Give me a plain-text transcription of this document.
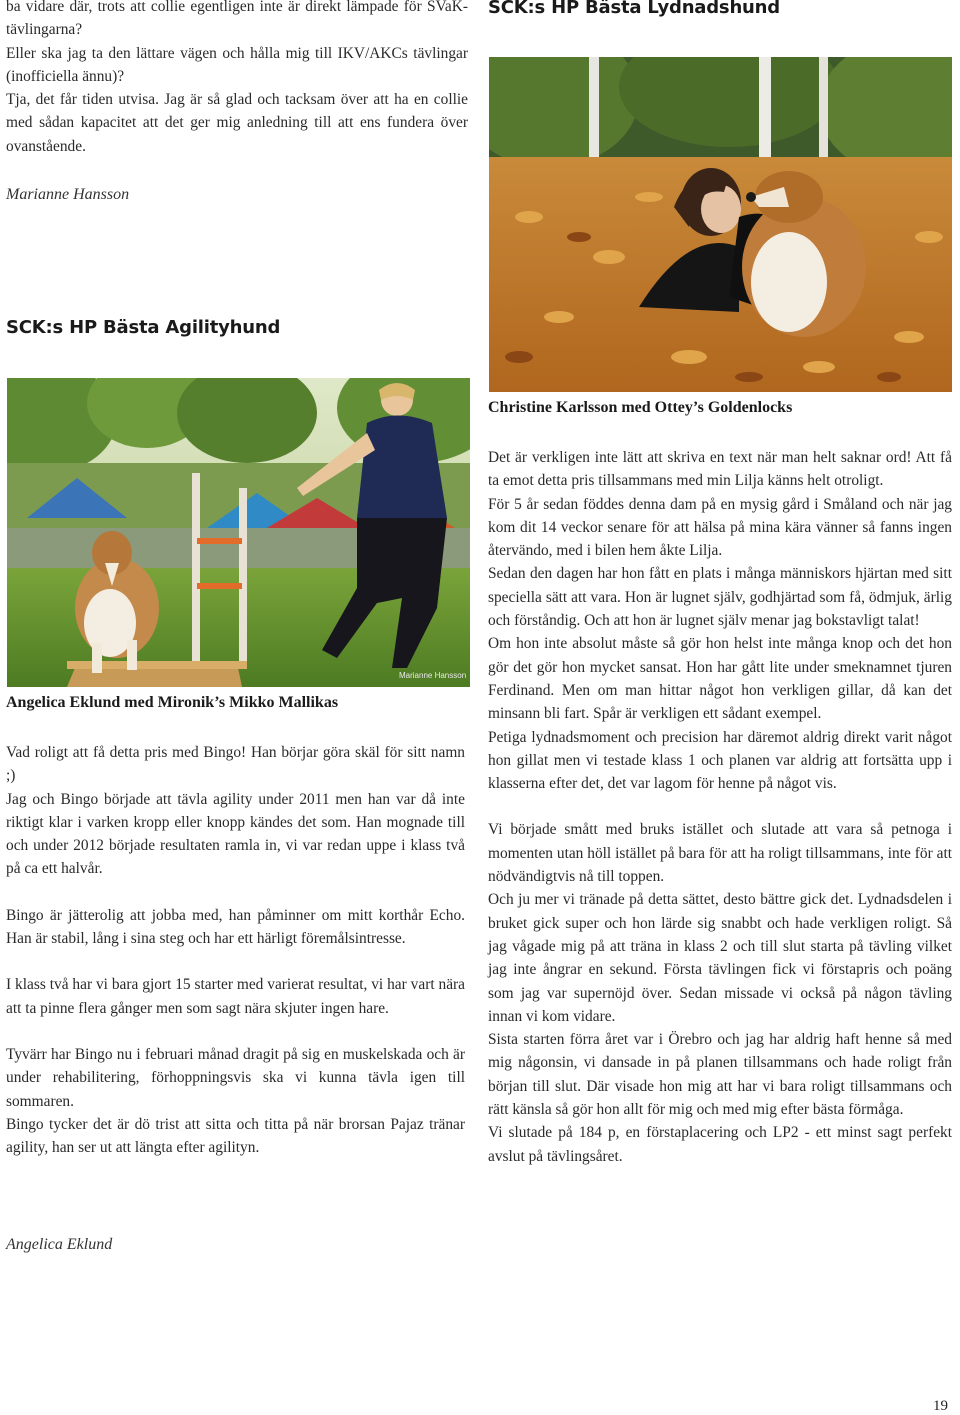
ba vidare där, trots att collie egentligen inte är direkt lämpade för SVaK-tävlingarna?

Eller ska jag ta den lättare vägen och hålla mig till IKV/AKCs tävlingar (inofficiella ännu)?

Tja, det får tiden utvisa. Jag är så glad och tacksam över att ha en collie med sådan kapacitet att det ger mig anledning till att ens fundera över ovanstående.

Marianne Hansson
SCK:s HP Bästa Agilityhund
Marianne Hansson
Angelica Eklund med Mironik’s Mikko Mallikas

Vad roligt att få detta pris med Bingo! Han börjar göra skäl för sitt namn ;)

Jag och Bingo började att tävla agility under 2011 men han var då inte riktigt klar i varken kropp eller knopp kändes det som. Han mognade till och under 2012 började resultaten ramla in, vi var redan uppe i klass två på ca ett halvår.

Bingo är jätterolig att jobba med, han påminner om mitt korthår Echo. Han är stabil, lång i sina steg och har ett härligt föremålsintresse.

I klass två har vi bara gjort 15 starter med varierat resultat, vi har vart nära att ta pinne flera gånger men som sagt nära skjuter ingen hare.

Tyvärr har Bingo nu i februari månad dragit på sig en muskelskada och är under rehabilitering, förhoppningsvis ska vi kunna tävla igen till sommaren.

Bingo tycker det är dö trist att sitta och titta på när brorsan Pajaz tränar agility, han ser ut att längta efter agilityn.

Angelica Eklund
SCK:s HP Bästa Lydnadshund
Christine Karlsson med Ottey’s Goldenlocks

Det är verkligen inte lätt att skriva en text när man helt saknar ord! Att få ta emot detta pris tillsammans med min Lilja känns helt otroligt.

För 5 år sedan föddes denna dam på en mysig gård i Småland och när jag kom dit 14 veckor senare för att hälsa på mina kära vänner så fanns ingen återvändo, med i bilen hem åkte Lilja.

Sedan den dagen har hon fått en plats i många människors hjärtan med sitt speciella sätt att vara. Hon är lugnet själv, godhjärtad som få, ödmjuk, ärlig och förståndig. Och att hon är lugnet själv menar jag bokstavligt talat!

Om hon inte absolut måste så gör hon helst inte många knop och det hon gör det gör hon mycket sansat. Hon har gått lite under smeknamnet tjuren Ferdinand. Men om man hittar något hon verkligen gillar, då kan det minsann bli fart. Spår är verkligen ett sådant exempel.

Petiga lydnadsmoment och precision har däremot aldrig direkt varit något hon gillat men vi testade klass 1 och planen var aldrig att fortsätta upp i klasserna efter det, det var lagom för henne på något vis.

Vi började smått med bruks istället och slutade att vara så petnoga i momenten utan höll istället på bara för att ha roligt tillsammans, inte för att nödvändigtvis nå till toppen.

Och ju mer vi tränade på detta sättet, desto bättre gick det. Lydnadsdelen i bruket gick super och hon lärde sig snabbt och hade verkligen roligt. Så jag vågade mig på att träna in klass 2 och till slut starta på tävling vilket jag inte ångrar en sekund. Första tävlingen fick vi förstapris och poäng som jag var supernöjd över. Sedan missade vi också på någon tävling innan vi kom vidare.

Sista starten förra året var i Örebro och jag har aldrig haft henne så med mig någonsin, vi dansade in på planen tillsammans och hade roligt från början till slut. Där visade hon mig att har vi bara roligt tillsammans och rätt känsla så gör hon allt för mig och med mig efter bästa förmåga.

Vi slutade på 184 p, en förstaplacering och LP2 - ett minst sagt perfekt avslut på tävlingsåret.

19
